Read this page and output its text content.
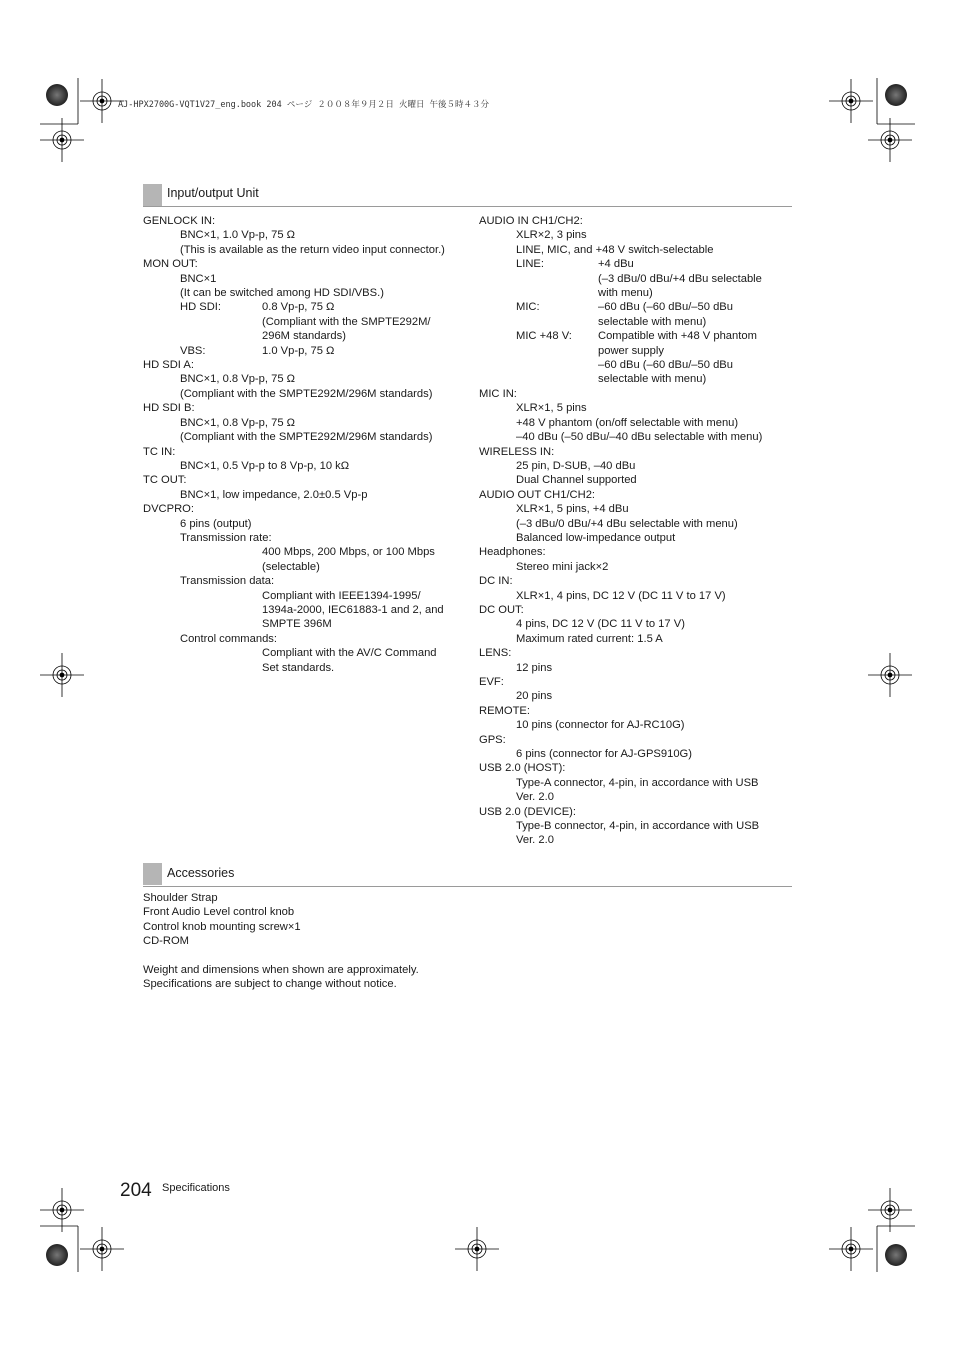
AJ-HPX2700G-VQT1V27_eng.book 204 ページ ２００８年９月２日 火曜日 午後５時４３分
Input/output Unit
GENLOCK IN:
BNC×1, 1.0 Vp-p, 75 Ω
(This is available as the return video input connector.)
MON OUT:
BNC×1
(It can be switched among HD SDI/VBS.)
HD SDI:	0.8 Vp-p, 75 Ω
(Compliant with the SMPTE292M/
296M standards)
VBS:	1.0 Vp-p, 75 Ω
HD SDI A:
BNC×1, 0.8 Vp-p, 75 Ω
(Compliant with the SMPTE292M/296M standards)
HD SDI B:
BNC×1, 0.8 Vp-p, 75 Ω
(Compliant with the SMPTE292M/296M standards)
TC IN:
BNC×1, 0.5 Vp-p to 8 Vp-p, 10 kΩ
TC OUT:
BNC×1, low impedance, 2.0±0.5 Vp-p
DVCPRO:
6 pins (output)
Transmission rate:
400 Mbps, 200 Mbps, or 100 Mbps
(selectable)
Transmission data:
Compliant with IEEE1394-1995/
1394a-2000, IEC61883-1 and 2, and
SMPTE 396M
Control commands:
Compliant with the AV/C Command
Set standards.
AUDIO IN CH1/CH2:
XLR×2, 3 pins
LINE, MIC, and +48 V switch-selectable
LINE:	+4 dBu
(–3 dBu/0 dBu/+4 dBu selectable
with menu)
MIC:	–60 dBu (–60 dBu/–50 dBu
selectable with menu)
MIC +48 V:	Compatible with +48 V phantom
power supply
–60 dBu (–60 dBu/–50 dBu
selectable with menu)
MIC IN:
XLR×1, 5 pins
+48 V phantom (on/off selectable with menu)
–40 dBu (–50 dBu/–40 dBu selectable with menu)
WIRELESS IN:
25 pin, D-SUB, –40 dBu
Dual Channel supported
AUDIO OUT CH1/CH2:
XLR×1, 5 pins, +4 dBu
(–3 dBu/0 dBu/+4 dBu selectable with menu)
Balanced low-impedance output
Headphones:
Stereo mini jack×2
DC IN:
XLR×1, 4 pins, DC 12 V (DC 11 V to 17 V)
DC OUT:
4 pins, DC 12 V (DC 11 V to 17 V)
Maximum rated current: 1.5 A
LENS:
12 pins
EVF:
20 pins
REMOTE:
10 pins (connector for AJ-RC10G)
GPS:
6 pins (connector for AJ-GPS910G)
USB 2.0 (HOST):
Type-A connector, 4-pin, in accordance with USB
Ver. 2.0
USB 2.0 (DEVICE):
Type-B connector, 4-pin, in accordance with USB
Ver. 2.0
Accessories
Shoulder Strap
Front Audio Level control knob
Control knob mounting screw×1
CD-ROM
Weight and dimensions when shown are approximately.
Specifications are subject to change without notice.
204 Specifications
